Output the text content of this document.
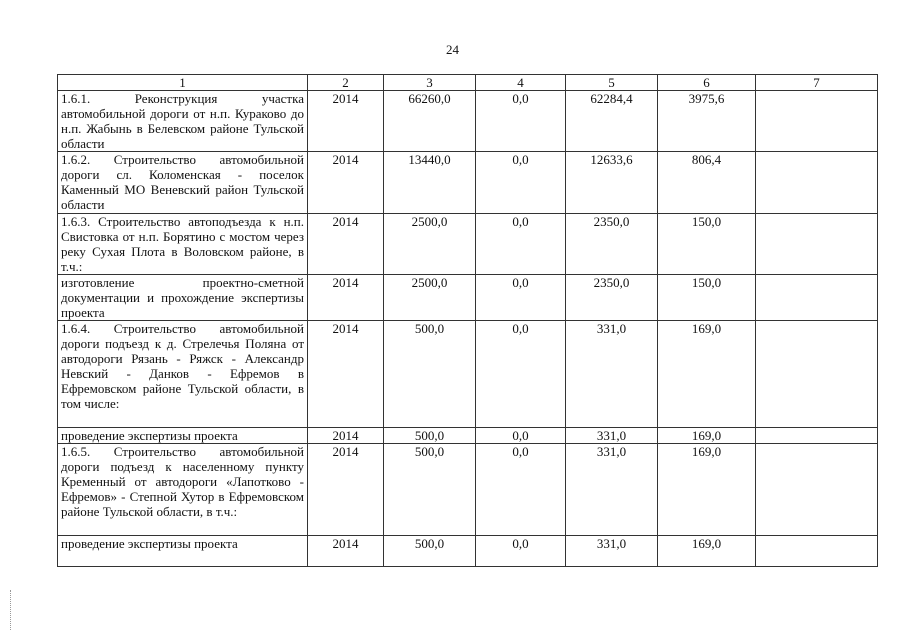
24
1	2	3	4	5	6	7
1.6.1. Реконструкция участка автомобильной дороги от н.п. Кураково до н.п. Жабынь в Белевском районе Тульской области	2014	66260,0	0,0	62284,4	3975,6	
1.6.2. Строительство автомобильной дороги сл. Коломенская - поселок Каменный МО Веневский район Тульской области	2014	13440,0	0,0	12633,6	806,4	
1.6.3. Строительство автоподъезда к н.п. Свистовка от н.п. Борятино с мостом через реку Сухая Плота в Воловском районе, в т.ч.:	2014	2500,0	0,0	2350,0	150,0	
изготовление проектно-сметной документации и прохождение экспертизы проекта	2014	2500,0	0,0	2350,0	150,0	
1.6.4. Строительство автомобильной дороги подъезд к д. Стрелечья Поляна от автодороги Рязань - Ряжск - Александр Невский - Данков - Ефремов в Ефремовском районе Тульской области, в том числе:	2014	500,0	0,0	331,0	169,0	
проведение экспертизы проекта	2014	500,0	0,0	331,0	169,0	
1.6.5. Строительство автомобильной дороги подъезд к населенному пункту Кременный от автодороги «Лапотково - Ефремов» - Степной Хутор в Ефремовском районе Тульской области, в т.ч.:	2014	500,0	0,0	331,0	169,0	
проведение экспертизы проекта	2014	500,0	0,0	331,0	169,0	
